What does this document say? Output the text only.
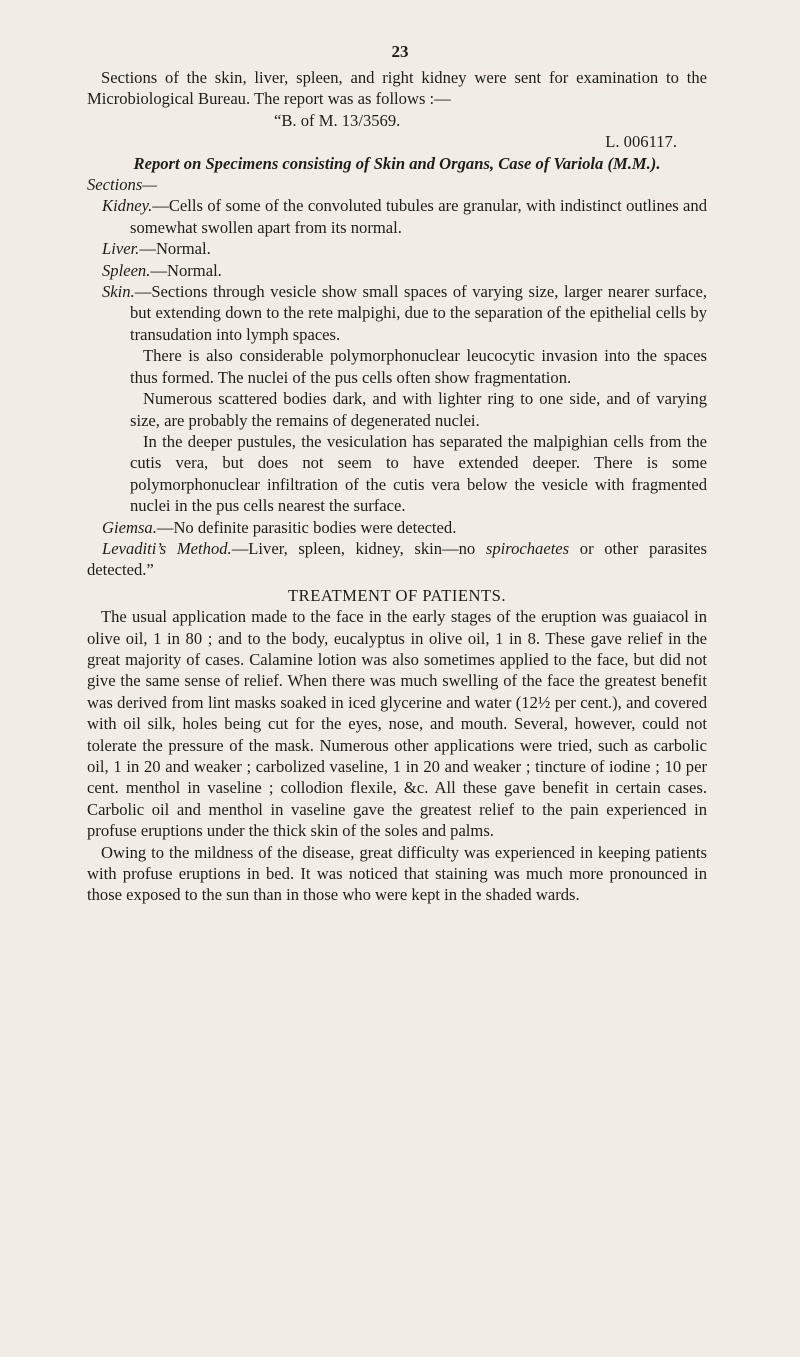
23

Sections of the skin, liver, spleen, and right kidney were sent for examination to the Microbiological Bureau. The report was as follows :—

“B. of M. 13/3569.

L. 006117.

Report on Specimens consisting of Skin and Organs, Case of Variola (M.M.).

Sections—

Kidney.—Cells of some of the convoluted tubules are granular, with indistinct outlines and somewhat swollen apart from its normal.

Liver.—Normal.

Spleen.—Normal.

Skin.—Sections through vesicle show small spaces of varying size, larger nearer surface, but extending down to the rete malpighi, due to the separation of the epithelial cells by transudation into lymph spaces.

There is also considerable polymorphonuclear leucocytic invasion into the spaces thus formed. The nuclei of the pus cells often show fragmentation.

Numerous scattered bodies dark, and with lighter ring to one side, and of varying size, are probably the remains of degenerated nuclei.

In the deeper pustules, the vesiculation has separated the malpighian cells from the cutis vera, but does not seem to have extended deeper. There is some polymorphonuclear infiltration of the cutis vera below the vesicle with fragmented nuclei in the pus cells nearest the surface.

Giemsa.—No definite parasitic bodies were detected.

Levaditi’s Method.—Liver, spleen, kidney, skin—no spirochaetes or other parasites detected.”

TREATMENT OF PATIENTS.

The usual application made to the face in the early stages of the eruption was guaiacol in olive oil, 1 in 80 ; and to the body, eucalyptus in olive oil, 1 in 8. These gave relief in the great majority of cases. Calamine lotion was also sometimes applied to the face, but did not give the same sense of relief. When there was much swelling of the face the greatest benefit was derived from lint masks soaked in iced glycerine and water (12½ per cent.), and covered with oil silk, holes being cut for the eyes, nose, and mouth. Several, however, could not tolerate the pressure of the mask. Numerous other applications were tried, such as carbolic oil, 1 in 20 and weaker ; carbolized vaseline, 1 in 20 and weaker ; tincture of iodine ; 10 per cent. menthol in vaseline ; collodion flexile, &c. All these gave benefit in certain cases. Carbolic oil and menthol in vaseline gave the greatest relief to the pain experienced in profuse eruptions under the thick skin of the soles and palms.

Owing to the mildness of the disease, great difficulty was experienced in keeping patients with profuse eruptions in bed. It was noticed that staining was much more pronounced in those exposed to the sun than in those who were kept in the shaded wards.
